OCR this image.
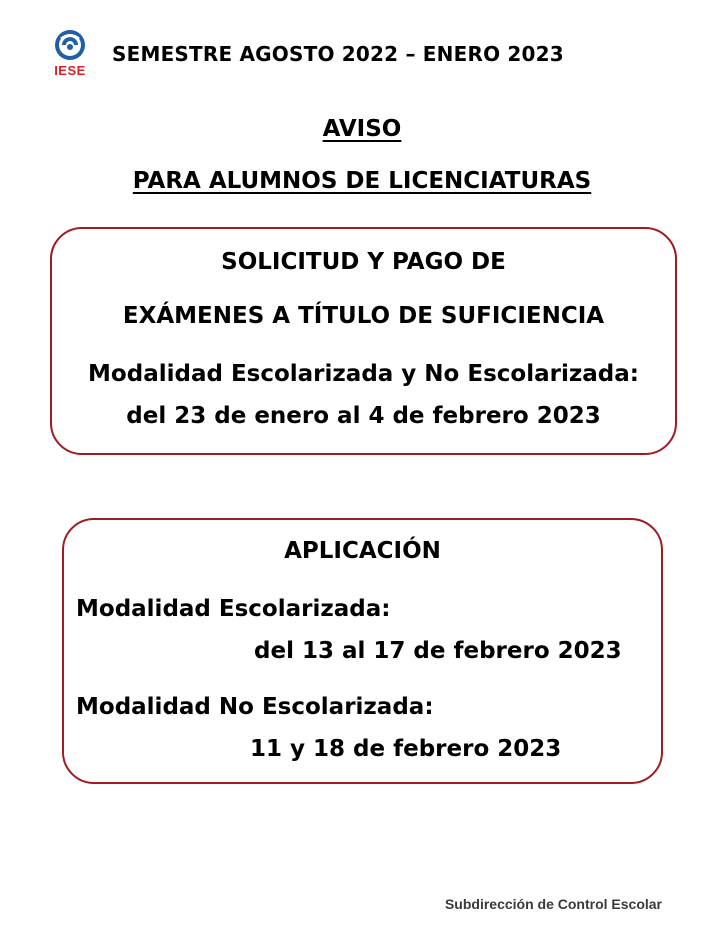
IESE
SEMESTRE AGOSTO 2022 – ENERO 2023
AVISO
PARA ALUMNOS DE LICENCIATURAS

SOLICITUD Y PAGO DE

EXÁMENES A TÍTULO DE SUFICIENCIA

Modalidad Escolarizada y No Escolarizada:

del 23 de enero al 4 de febrero 2023

APLICACIÓN

Modalidad Escolarizada:

del 13 al 17 de febrero 2023

Modalidad No Escolarizada:

11 y 18 de febrero 2023

Subdirección de Control Escolar
